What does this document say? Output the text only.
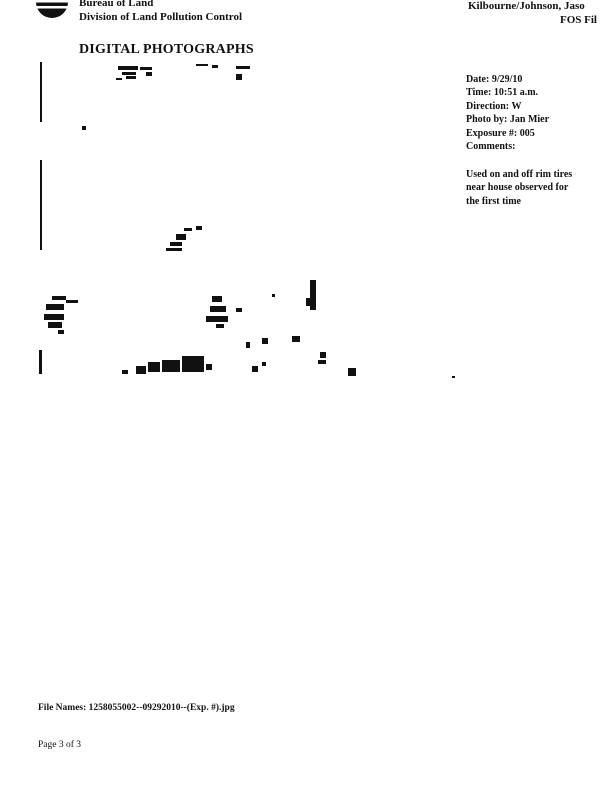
Bureau of Land
Division of Land Pollution Control
Kilbourne/Johnson, Jaso
FOS Fil
DIGITAL PHOTOGRAPHS
Date: 9/29/10
Time: 10:51 a.m.
Direction: W
Photo by: Jan Mier
Exposure #: 005
Comments:
Used on and off rim tires
near house observed for
the first time
File Names: 1258055002--09292010--(Exp. #).jpg
Page 3 of 3
